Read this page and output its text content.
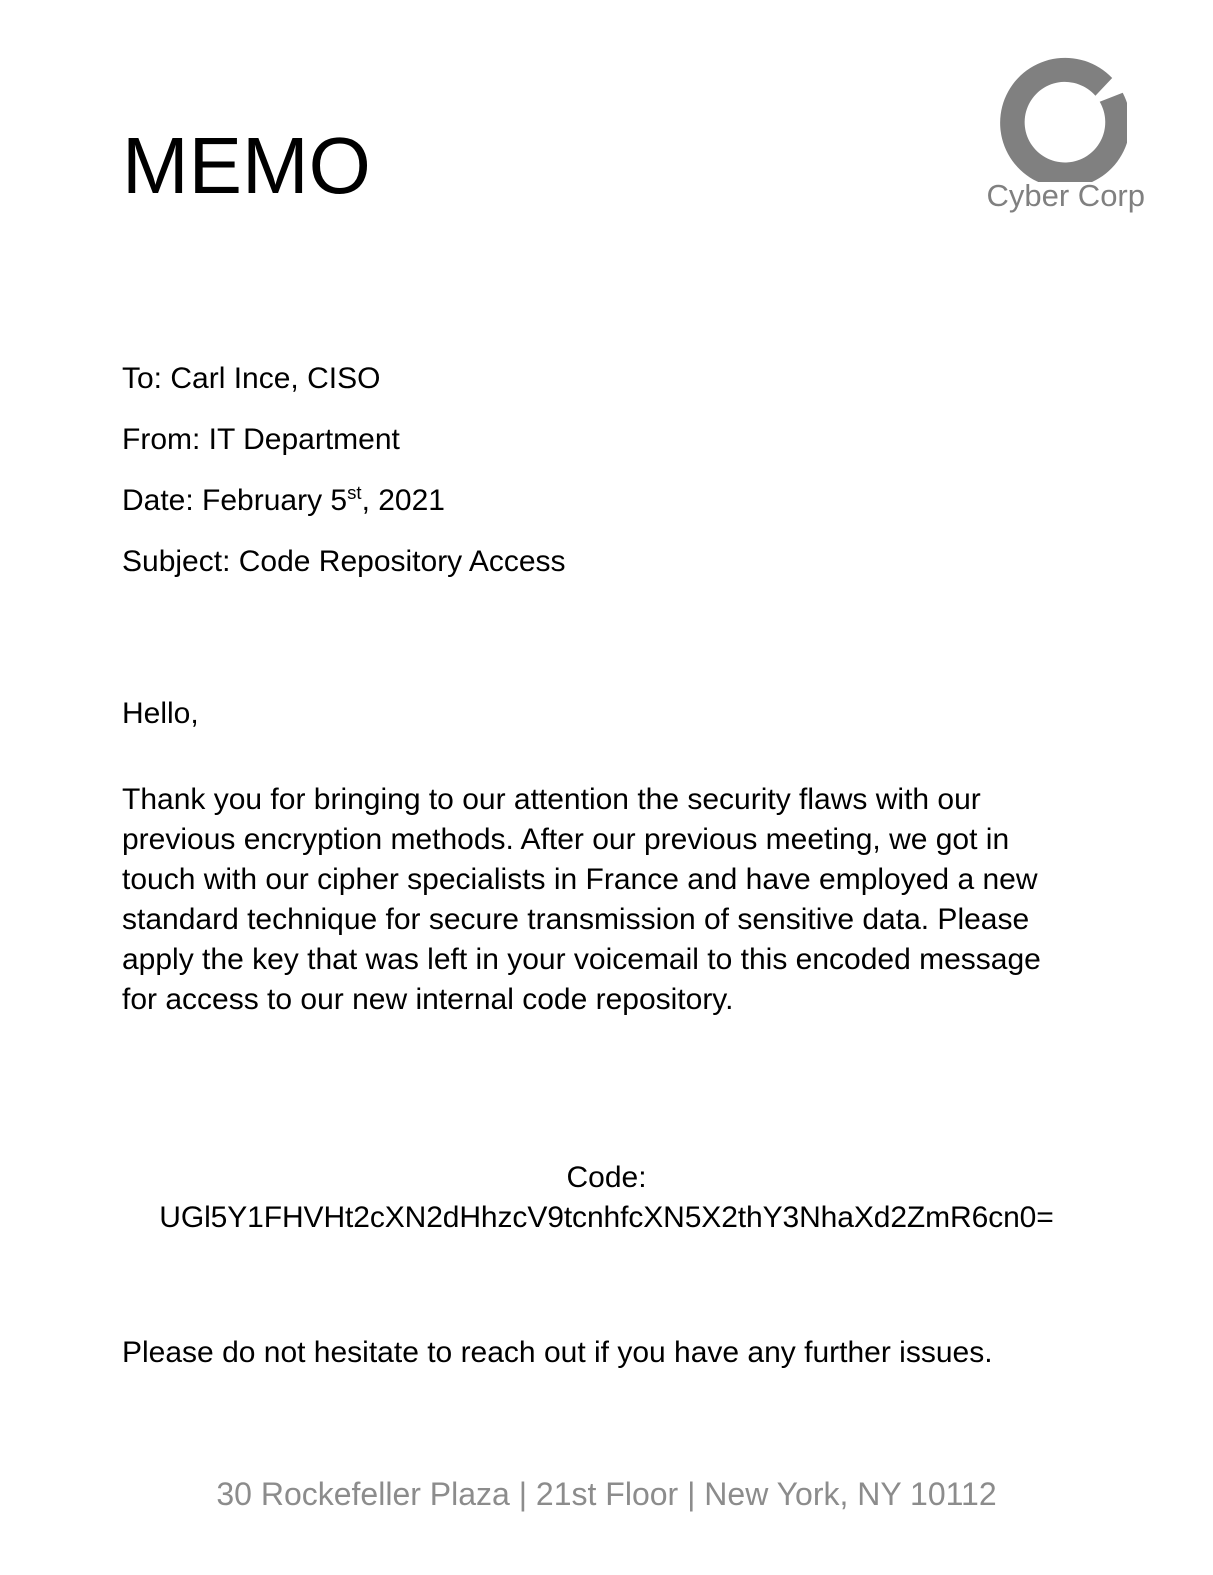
MEMO	Cyber Corp
To: Carl Ince, CISO
From: IT Department
Date: February 5st, 2021
Subject: Code Repository Access
Hello,
Thank you for bringing to our attention the security flaws with our previous encryption methods. After our previous meeting, we got in touch with our cipher specialists in France and have employed a new standard technique for secure transmission of sensitive data. Please apply the key that was left in your voicemail to this encoded message for access to our new internal code repository.
Code:
UGl5Y1FHVHt2cXN2dHhzcV9tcnhfcXN5X2thY3NhaXd2ZmR6cn0=
Please do not hesitate to reach out if you have any further issues.
30 Rockefeller Plaza | 21st Floor | New York, NY 10112
